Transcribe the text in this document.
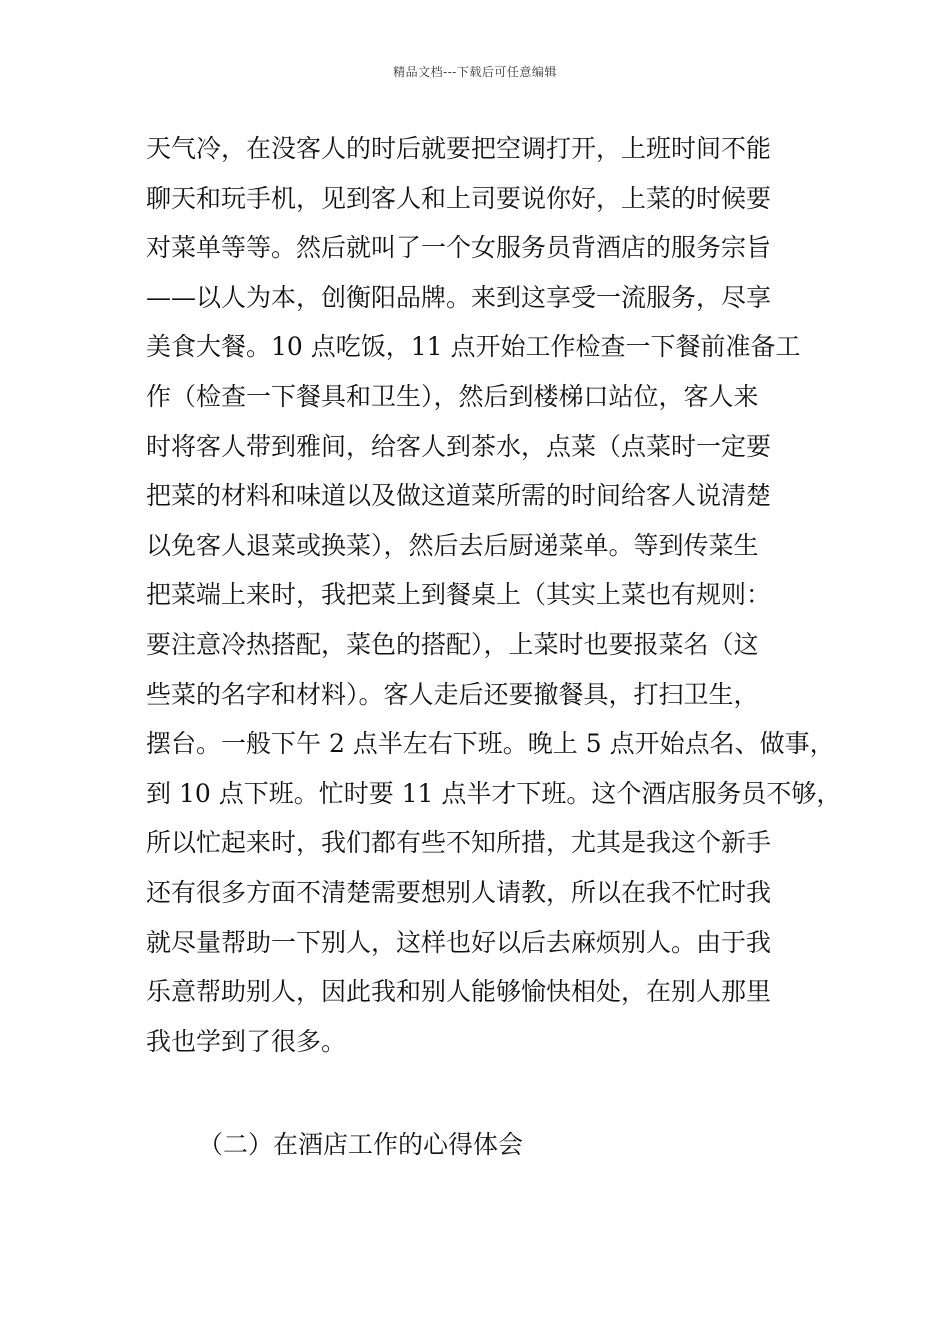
精品文档---下载后可任意编辑
天气冷，在没客人的时后就要把空调打开，上班时间不能
聊天和玩手机，见到客人和上司要说你好，上菜的时候要
对菜单等等。然后就叫了一个女服务员背酒店的服务宗旨
——以人为本，创衡阳品牌。来到这享受一流服务，尽享
美食大餐。10 点吃饭，11 点开始工作检查一下餐前准备工
作（检查一下餐具和卫生），然后到楼梯口站位，客人来
时将客人带到雅间，给客人到茶水，点菜（点菜时一定要
把菜的材料和味道以及做这道菜所需的时间给客人说清楚
以免客人退菜或换菜），然后去后厨递菜单。等到传菜生
把菜端上来时，我把菜上到餐桌上（其实上菜也有规则：
要注意冷热搭配，菜色的搭配），上菜时也要报菜名（这
些菜的名字和材料）。客人走后还要撤餐具，打扫卫生，
摆台。一般下午 2 点半左右下班。晚上 5 点开始点名、做事，
到 10 点下班。忙时要 11 点半才下班。这个酒店服务员不够，
所以忙起来时，我们都有些不知所措，尤其是我这个新手
还有很多方面不清楚需要想别人请教，所以在我不忙时我
就尽量帮助一下别人，这样也好以后去麻烦别人。由于我
乐意帮助别人，因此我和别人能够愉快相处，在别人那里
我也学到了很多。
（二）在酒店工作的心得体会
